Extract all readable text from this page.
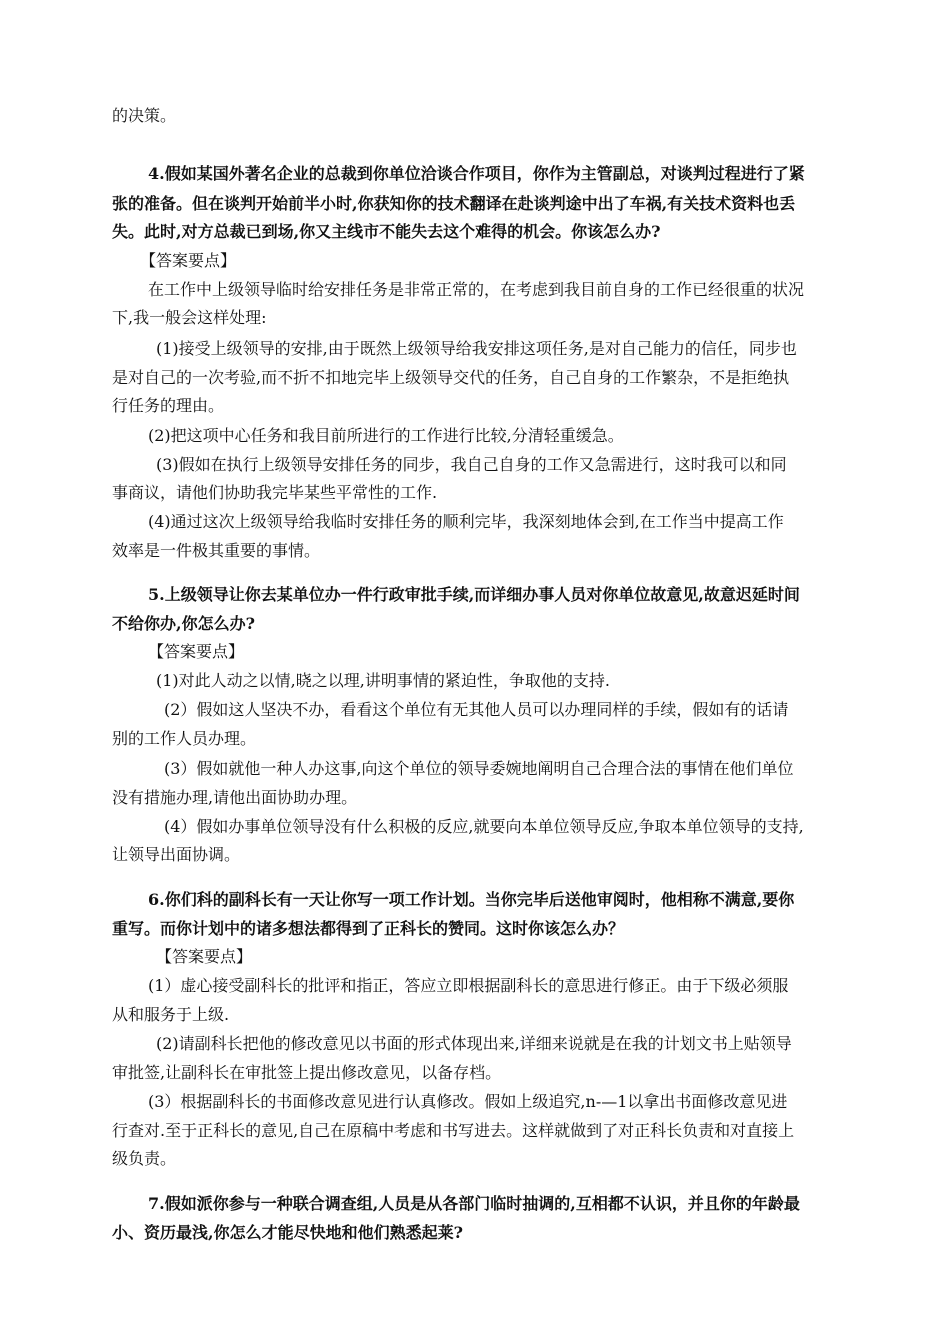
的决策。
4.假如某国外著名企业的总裁到你单位洽谈合作项目，你作为主管副总，对谈判过程进行了紧
张的准备。但在谈判开始前半小时,你获知你的技术翻译在赴谈判途中出了车祸,有关技术资料也丢
失。此时,对方总裁已到场,你又主线市不能失去这个难得的机会。你该怎么办?
【答案要点】
在工作中上级领导临时给安排任务是非常正常的，在考虑到我目前自身的工作已经很重的状况
下,我一般会这样处理:
(1)接受上级领导的安排,由于既然上级领导给我安排这项任务,是对自己能力的信任，同步也
是对自己的一次考验,而不折不扣地完毕上级领导交代的任务，自己自身的工作繁杂，不是拒绝执
行任务的理由。
(2)把这项中心任务和我目前所进行的工作进行比较,分清轻重缓急。
(3)假如在执行上级领导安排任务的同步，我自己自身的工作又急需进行，这时我可以和同
事商议，请他们协助我完毕某些平常性的工作.
(4)通过这次上级领导给我临时安排任务的顺利完毕，我深刻地体会到,在工作当中提高工作
效率是一件极其重要的事情。
5.上级领导让你去某单位办一件行政审批手续,而详细办事人员对你单位故意见,故意迟延时间
不给你办,你怎么办?
【答案要点】
(1)对此人动之以情,晓之以理,讲明事情的紧迫性，争取他的支持.
(2）假如这人坚决不办，看看这个单位有无其他人员可以办理同样的手续，假如有的话请
别的工作人员办理。
(3）假如就他一种人办这事,向这个单位的领导委婉地阐明自己合理合法的事情在他们单位
没有措施办理,请他出面协助办理。
(4）假如办事单位领导没有什么积极的反应,就要向本单位领导反应,争取本单位领导的支持,
让领导出面协调。
6.你们科的副科长有一天让你写一项工作计划。当你完毕后送他审阅时，他相称不满意,要你
重写。而你计划中的诸多想法都得到了正科长的赞同。这时你该怎么办？
【答案要点】
(1）虚心接受副科长的批评和指正，答应立即根据副科长的意思进行修正。由于下级必须服
从和服务于上级.
(2)请副科长把他的修改意见以书面的形式体现出来,详细来说就是在我的计划文书上贴领导
审批签,让副科长在审批签上提出修改意见，以备存档。
(3）根据副科长的书面修改意见进行认真修改。假如上级追究,n-—1以拿出书面修改意见进
行查对.至于正科长的意见,自己在原稿中考虑和书写进去。这样就做到了对正科长负责和对直接上
级负责。
7.假如派你参与一种联合调查组,人员是从各部门临时抽调的,互相都不认识，并且你的年龄最
小、资历最浅,你怎么才能尽快地和他们熟悉起莱?
